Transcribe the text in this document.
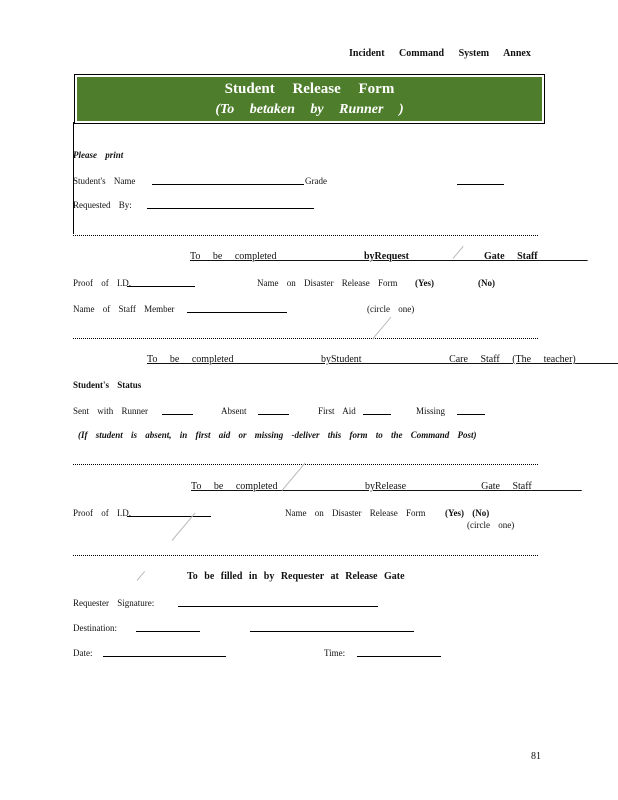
Incident Command System Annex
Student Release Form
(To betaken by Runner )
Please print
Student's Name	Grade
Requested By:
To be completed	byRequest	Gate Staff
Proof of I.D.	Name on Disaster Release Form (Yes)	(No)
Name of Staff Member	(circle one)
To be completed	byStudent	Care Staff (The teacher)
Student's Status
Sent with Runner	Absent	First Aid	Missing
(If student is absent, in first aid or missing -deliver this form to the Command Post)
To be completed	byRelease	Gate Staff
Proof of I.D.	Name on Disaster Release Form (Yes) (No)
(circle one)
To be filled in by Requester at Release Gate
Requester Signature:
Destination:
Date:	Time:
81
